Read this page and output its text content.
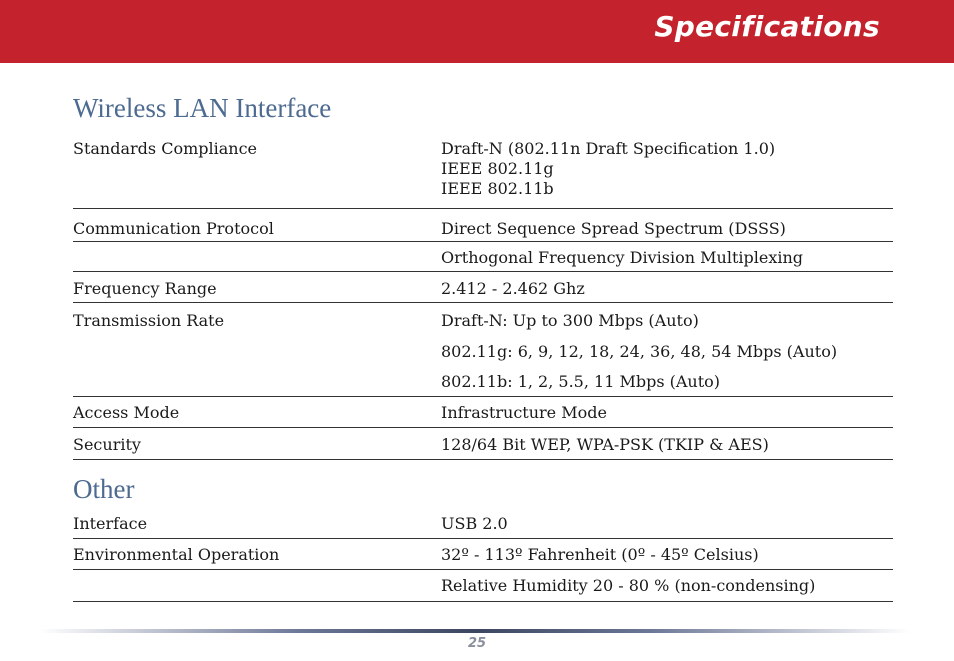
Specifications
Wireless LAN Interface
Standards Compliance	Draft-N (802.11n Draft Specification 1.0)
IEEE 802.11g
IEEE 802.11b
Communication Protocol	Direct Sequence Spread Spectrum (DSSS)
Orthogonal Frequency Division Multiplexing
Frequency Range	2.412 - 2.462 Ghz
Transmission Rate	Draft-N: Up to 300 Mbps (Auto)
802.11g: 6, 9, 12, 18, 24, 36, 48, 54 Mbps (Auto)
802.11b: 1, 2, 5.5, 11 Mbps (Auto)
Access Mode	Infrastructure Mode
Security	128/64 Bit WEP, WPA-PSK (TKIP & AES)
Other
Interface	USB 2.0
Environmental Operation	32º - 113º Fahrenheit (0º - 45º Celsius)
Relative Humidity 20 - 80 % (non-condensing)
25
